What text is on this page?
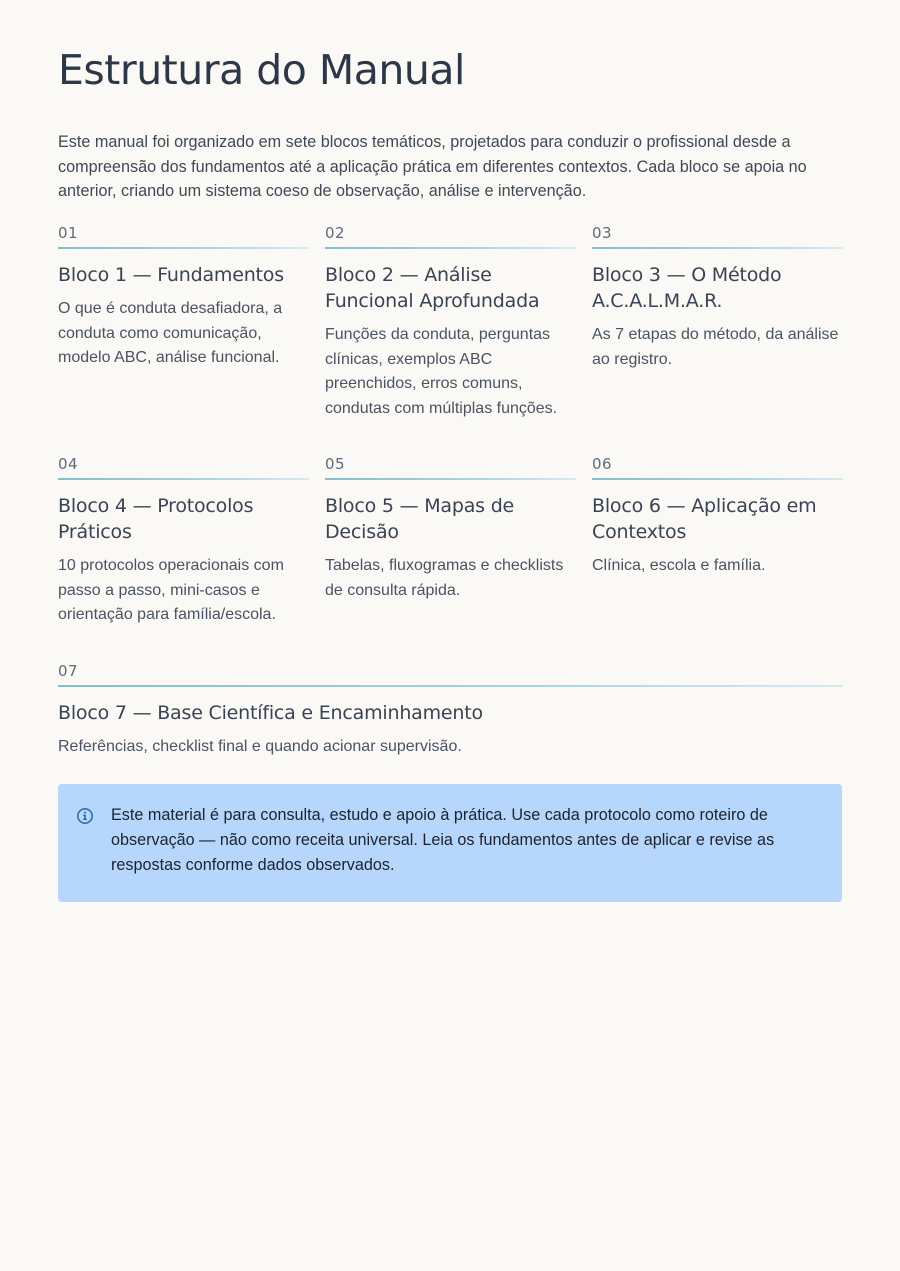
Estrutura do Manual

Este manual foi organizado em sete blocos temáticos, projetados para conduzir o profissional desde a compreensão dos fundamentos até a aplicação prática em diferentes contextos. Cada bloco se apoia no anterior, criando um sistema coeso de observação, análise e intervenção.

01
Bloco 1 — Fundamentos

O que é conduta desafiadora, a conduta como comunicação, modelo ABC, análise funcional.

02
Bloco 2 — Análise Funcional Aprofundada

Funções da conduta, perguntas clínicas, exemplos ABC preenchidos, erros comuns, condutas com múltiplas funções.

03
Bloco 3 — O Método A.C.A.L.M.A.R.

As 7 etapas do método, da análise ao registro.

04
Bloco 4 — Protocolos Práticos

10 protocolos operacionais com passo a passo, mini-casos e orientação para família/escola.

05
Bloco 5 — Mapas de Decisão

Tabelas, fluxogramas e checklists de consulta rápida.

06
Bloco 6 — Aplicação em Contextos

Clínica, escola e família.

07
Bloco 7 — Base Científica e Encaminhamento

Referências, checklist final e quando acionar supervisão.

Este material é para consulta, estudo e apoio à prática. Use cada protocolo como roteiro de observação — não como receita universal. Leia os fundamentos antes de aplicar e revise as respostas conforme dados observados.
